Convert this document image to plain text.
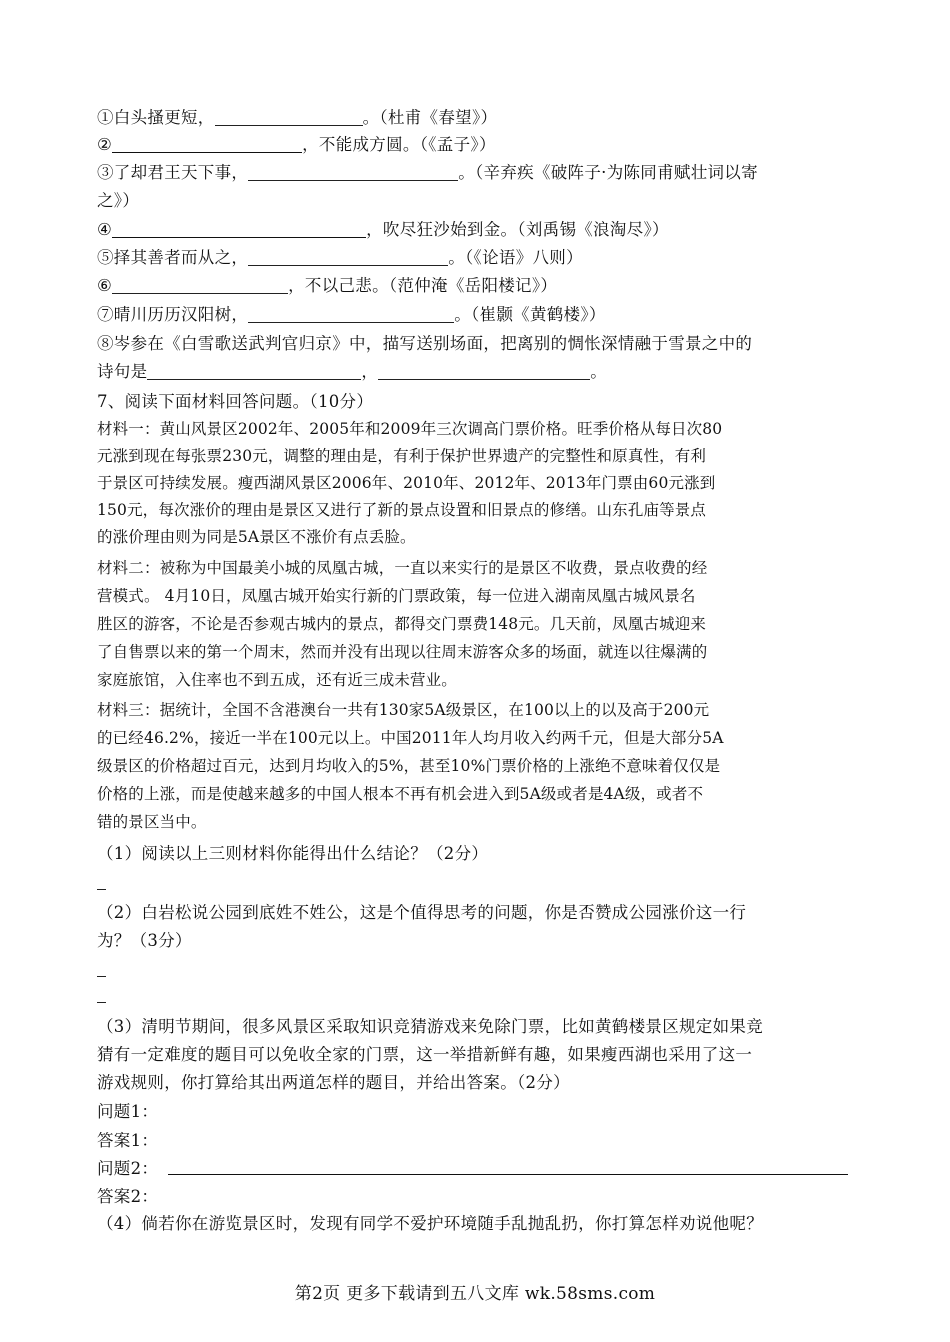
①白头搔更短，	。（杜甫《春望》）
②	，不能成方圆。（《孟子》）
③了却君王天下事，	。（辛弃疾《破阵子·为陈同甫赋壮词以寄
之》）
④	，吹尽狂沙始到金。（刘禹锡《浪淘尽》）
⑤择其善者而从之，	。（《论语》八则）
⑥	，不以己悲。（范仲淹《岳阳楼记》）
⑦晴川历历汉阳树，	。（崔颢《黄鹤楼》）
⑧岑参在《白雪歌送武判官归京》中，描写送别场面，把离别的惆怅深情融于雪景之中的
诗句是	，	。
7、阅读下面材料回答问题。（10分）
材料一：黄山风景区2002年、2005年和2009年三次调高门票价格。旺季价格从每日次80
元涨到现在每张票230元，调整的理由是，有利于保护世界遗产的完整性和原真性，有利
于景区可持续发展。瘦西湖风景区2006年、2010年、2012年、2013年门票由60元涨到
150元，每次涨价的理由是景区又进行了新的景点设置和旧景点的修缮。山东孔庙等景点
的涨价理由则为同是5A景区不涨价有点丢脸。
材料二：被称为中国最美小城的凤凰古城，一直以来实行的是景区不收费，景点收费的经
营模式。 4月10日，凤凰古城开始实行新的门票政策，每一位进入湖南凤凰古城风景名
胜区的游客，不论是否参观古城内的景点，都得交门票费148元。几天前，凤凰古城迎来
了自售票以来的第一个周末，然而并没有出现以往周末游客众多的场面，就连以往爆满的
家庭旅馆，入住率也不到五成，还有近三成未营业。
材料三：据统计，全国不含港澳台一共有130家5A级景区，在100以上的以及高于200元
的已经46.2%，接近一半在100元以上。中国2011年人均月收入约两千元，但是大部分5A
级景区的价格超过百元，达到月均收入的5%，甚至10%门票价格的上涨绝不意味着仅仅是
价格的上涨，而是使越来越多的中国人根本不再有机会进入到5A级或者是4A级，或者不
错的景区当中。
（1）阅读以上三则材料你能得出什么结论？（2分）
（2）白岩松说公园到底姓不姓公，这是个值得思考的问题，你是否赞成公园涨价这一行
为？（3分）
（3）清明节期间，很多风景区采取知识竞猜游戏来免除门票，比如黄鹤楼景区规定如果竞
猜有一定难度的题目可以免收全家的门票，这一举措新鲜有趣，如果瘦西湖也采用了这一
游戏规则，你打算给其出两道怎样的题目，并给出答案。（2分）
问题1：
答案1：
问题2：
答案2：
（4）倘若你在游览景区时，发现有同学不爱护环境随手乱抛乱扔，你打算怎样劝说他呢？
第2页 更多下载请到五八文库 wk.58sms.com
